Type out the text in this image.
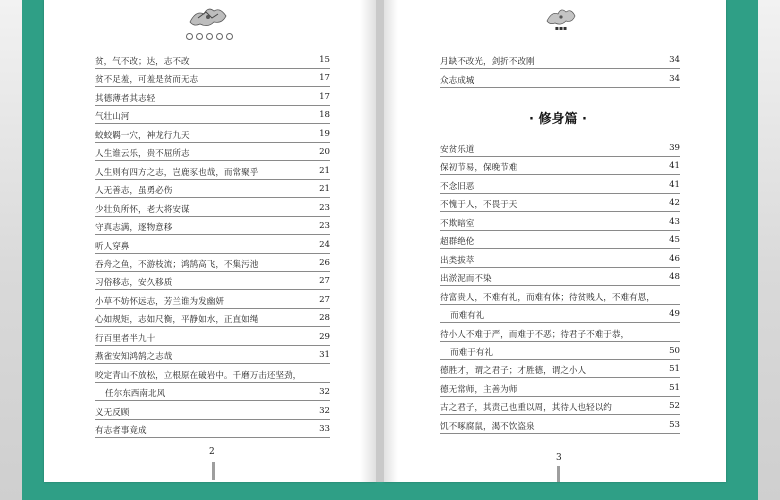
▪▪▪
贫，气不改；达，志不改	15
贫不足羞，可羞是贫而无志	17
其德薄者其志轻	17
气壮山河	18
蛟蛟羁一穴，神龙行九天	19
人生谁云乐，贵不屈所志	20
人生则有四方之志，岂鹿豕也哉，而常聚乎	21
人无善志，虽勇必伤	21
少壮负所怀，老大将安谋	23
守真志满，逐物意移	23
听人穿鼻	24
吞舟之鱼，不游枝流；鸿鹄高飞，不集污池	26
习俗移志，安久移质	27
小草不妨怀远志，芳兰谁为发幽妍	27
心如规矩，志如尺衡，平静如水，正直如绳	28
行百里者半九十	29
燕雀安知鸿鹄之志哉	31
咬定青山不放松，立根原在破岩中。千磨万击还坚劲，
任尔东西南北风	32
义无反顾	32
有志者事竟成	33
月缺不改光，剑折不改刚	34
众志成城	34
· 修身篇 ·
安贫乐道	39
保初节易，保晚节难	41
不念旧恶	41
不愧于人，不畏于天	42
不欺暗室	43
超群绝伦	45
出类拔萃	46
出淤泥而不染	48
待富贵人，不难有礼，而难有体；待贫贱人，不难有恩，
而难有礼	49
待小人不难于严，而难于不恶；待君子不难于恭，
而难于有礼	50
德胜才，谓之君子；才胜德，谓之小人	51
德无常师，主善为师	51
古之君子，其责己也重以周，其待人也轻以约	52
饥不啄腐鼠，渴不饮盗泉	53
2
3
